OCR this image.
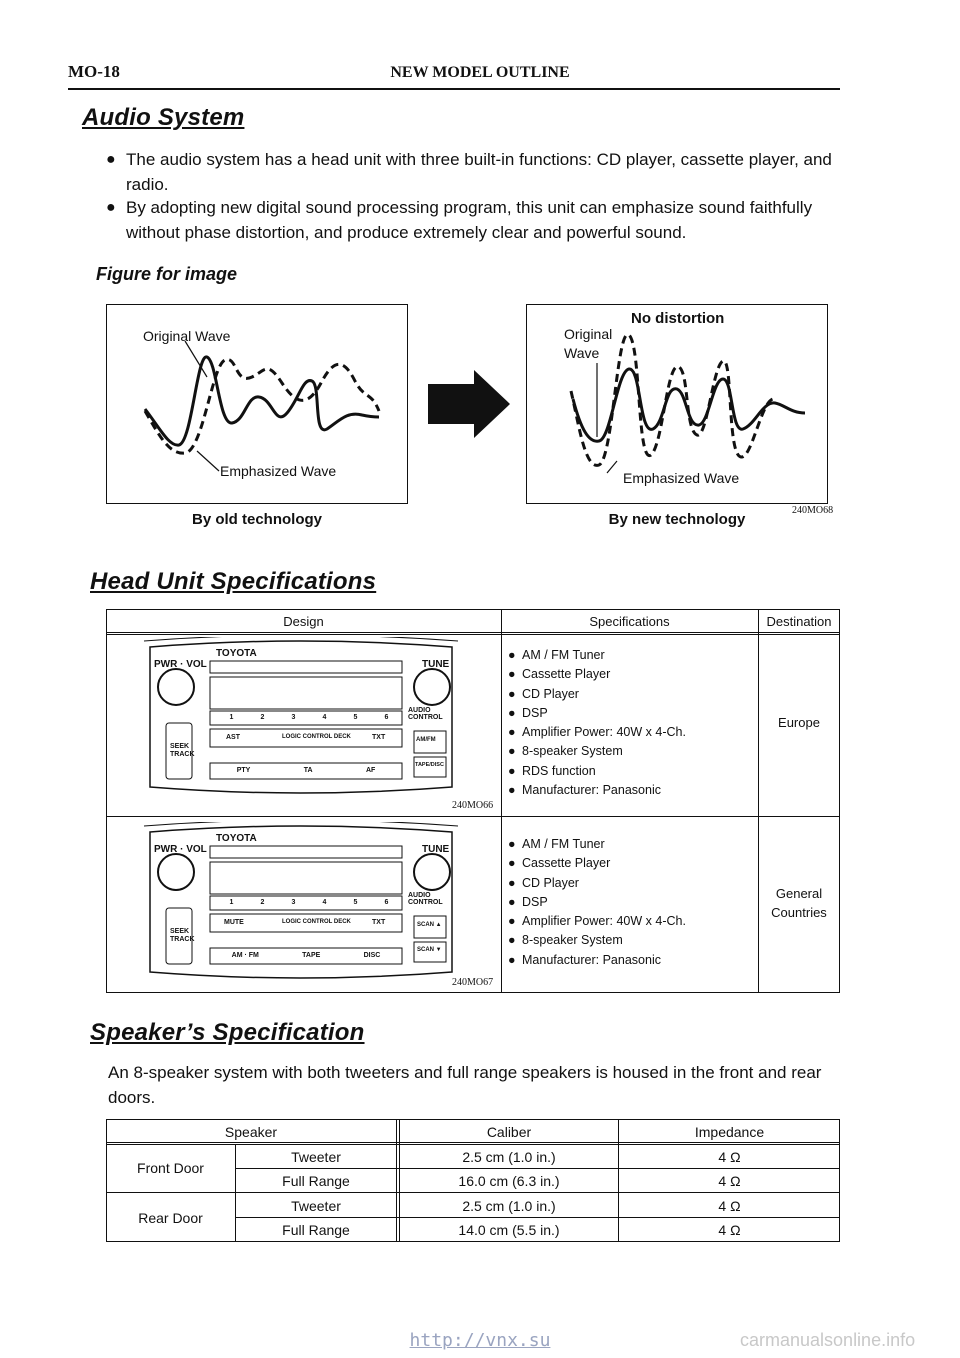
MO-18	NEW MODEL OUTLINE
Audio System
● The audio system has a head unit with three built-in functions: CD player, cassette player, and
radio.
● By adopting new digital sound processing program, this unit can emphasize sound faithfully
without phase distortion, and produce extremely clear and powerful sound.
Figure for image
Original Wave
Emphasized Wave
By old technology
No distortion
Original
Wave
Emphasized Wave
By new technology
240MO68
Head Unit Specifications
Design	Specifications	Destination
TOYOTA
PWR · VOL	TUNE
AUDIO CONTROL
SEEK
TRACK
1	2	3	4	5	6
AST	LOGIC CONTROL DECK	TXT	AM/FM
TAPE/DISC
PTY	TA	AF
240MO66
● AM / FM Tuner
● Cassette Player
● CD Player
● DSP
● Amplifier Power: 40W x 4-Ch.
● 8-speaker System
● RDS function
● Manufacturer: Panasonic
Europe
TOYOTA
PWR · VOL	TUNE
AUDIO CONTROL
SEEK
TRACK
1	2	3	4	5	6
MUTE	LOGIC CONTROL DECK	TXT	SCAN ▲
SCAN ▼
AM · FM	TAPE	DISC
240MO67
● AM / FM Tuner
● Cassette Player
● CD Player
● DSP
● Amplifier Power: 40W x 4-Ch.
● 8-speaker System
● Manufacturer: Panasonic
General
Countries
Speaker’s Specification
An 8-speaker system with both tweeters and full range speakers is housed in the front and rear
doors.
Speaker	Caliber	Impedance
Front Door
Tweeter	2.5 cm (1.0 in.)	4 Ω
Full Range	16.0 cm (6.3 in.)	4 Ω
Rear Door
Tweeter	2.5 cm (1.0 in.)	4 Ω
Full Range	14.0 cm (5.5 in.)	4 Ω
http://vnx.su	carmanualsonline.info
